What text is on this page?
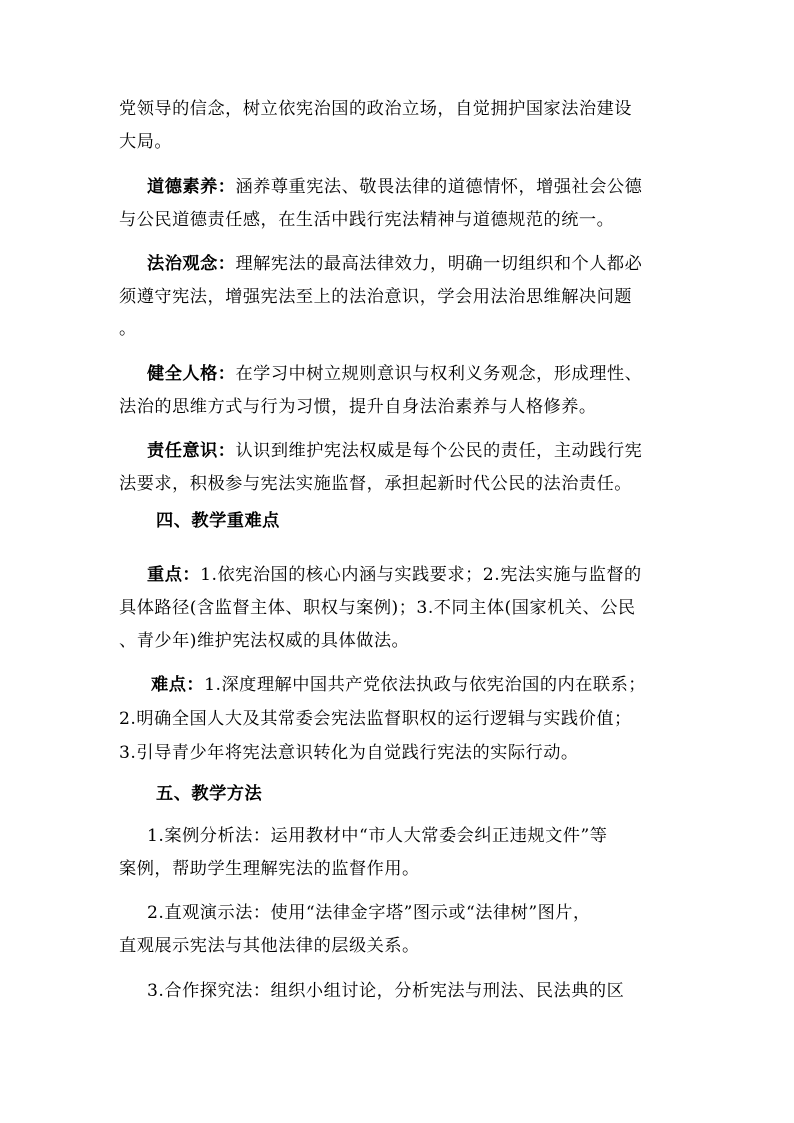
党领导的信念，树立依宪治国的政治立场，自觉拥护国家法治建设
大局。
道德素养：涵养尊重宪法、敬畏法律的道德情怀，增强社会公德
与公民道德责任感，在生活中践行宪法精神与道德规范的统一。
法治观念：理解宪法的最高法律效力，明确一切组织和个人都必
须遵守宪法，增强宪法至上的法治意识，学会用法治思维解决问题
。
健全人格：在学习中树立规则意识与权利义务观念，形成理性、
法治的思维方式与行为习惯，提升自身法治素养与人格修养。
责任意识：认识到维护宪法权威是每个公民的责任，主动践行宪
法要求，积极参与宪法实施监督，承担起新时代公民的法治责任。
四、教学重难点
重点：1.依宪治国的核心内涵与实践要求；2.宪法实施与监督的
具体路径(含监督主体、职权与案例)；3.不同主体(国家机关、公民
、青少年)维护宪法权威的具体做法。
难点：1.深度理解中国共产党依法执政与依宪治国的内在联系；
2.明确全国人大及其常委会宪法监督职权的运行逻辑与实践价值；
3.引导青少年将宪法意识转化为自觉践行宪法的实际行动。
五、教学方法
1.案例分析法：运用教材中“市人大常委会纠正违规文件”等
案例，帮助学生理解宪法的监督作用。
2.直观演示法：使用“法律金字塔”图示或“法律树”图片，
直观展示宪法与其他法律的层级关系。
3.合作探究法：组织小组讨论，分析宪法与刑法、民法典的区
